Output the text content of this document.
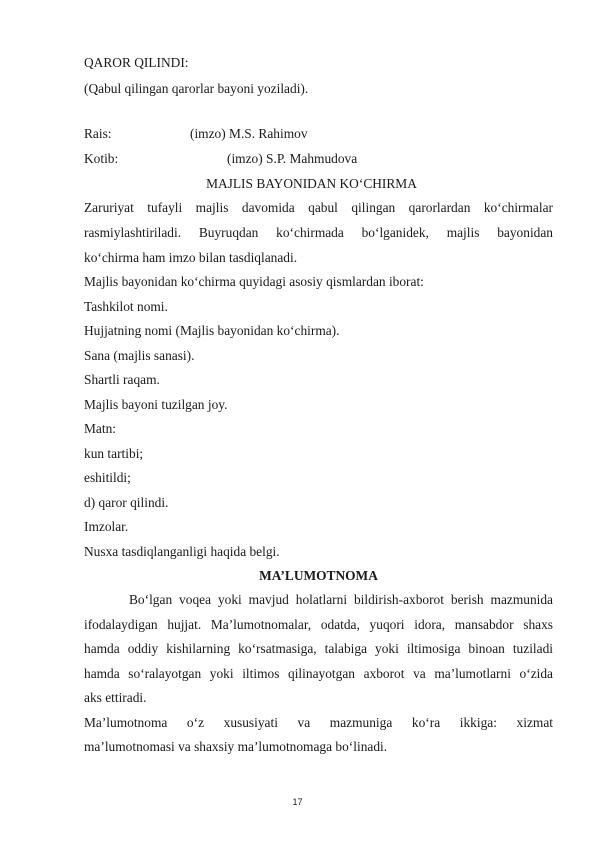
QAROR QILINDI:
(Qabul qilingan qarorlar bayoni yoziladi).
Rais:	(imzo) M.S. Rahimov
Kotib:	(imzo) S.P. Mahmudova
MAJLIS BAYONIDAN KO‘CHIRMA
Zaruriyat tufayli majlis davomida qabul qilingan qarorlardan ko‘chirmalar
rasmiylashtiriladi. Buyruqdan ko‘chirmada bo‘lganidek, majlis bayonidan
ko‘chirma ham imzo bilan tasdiqlanadi.
Majlis bayonidan ko‘chirma quyidagi asosiy qismlardan iborat:
Tashkilot nomi.
Hujjatning nomi (Majlis bayonidan ko‘chirma).
Sana (majlis sanasi).
Shartli raqam.
Majlis bayoni tuzilgan joy.
Matn:
kun tartibi;
eshitildi;
d) qaror qilindi.
Imzolar.
Nusxa tasdiqlanganligi haqida belgi.
MA’LUMOTNOMA
Bo‘lgan voqea yoki mavjud holatlarni bildirish-axborot berish mazmunida
ifodalaydigan hujjat. Ma’lumotnomalar, odatda, yuqori idora, mansabdor shaxs
hamda oddiy kishilarning ko‘rsatmasiga, talabiga yoki iltimosiga binoan tuziladi
hamda so‘ralayotgan yoki iltimos qilinayotgan axborot va ma’lumotlarni o‘zida
aks ettiradi.
Ma’lumotnoma o‘z xususiyati va mazmuniga ko‘ra ikkiga: xizmat
ma’lumotnomasi va shaxsiy ma’lumotnomaga bo‘linadi.
17
